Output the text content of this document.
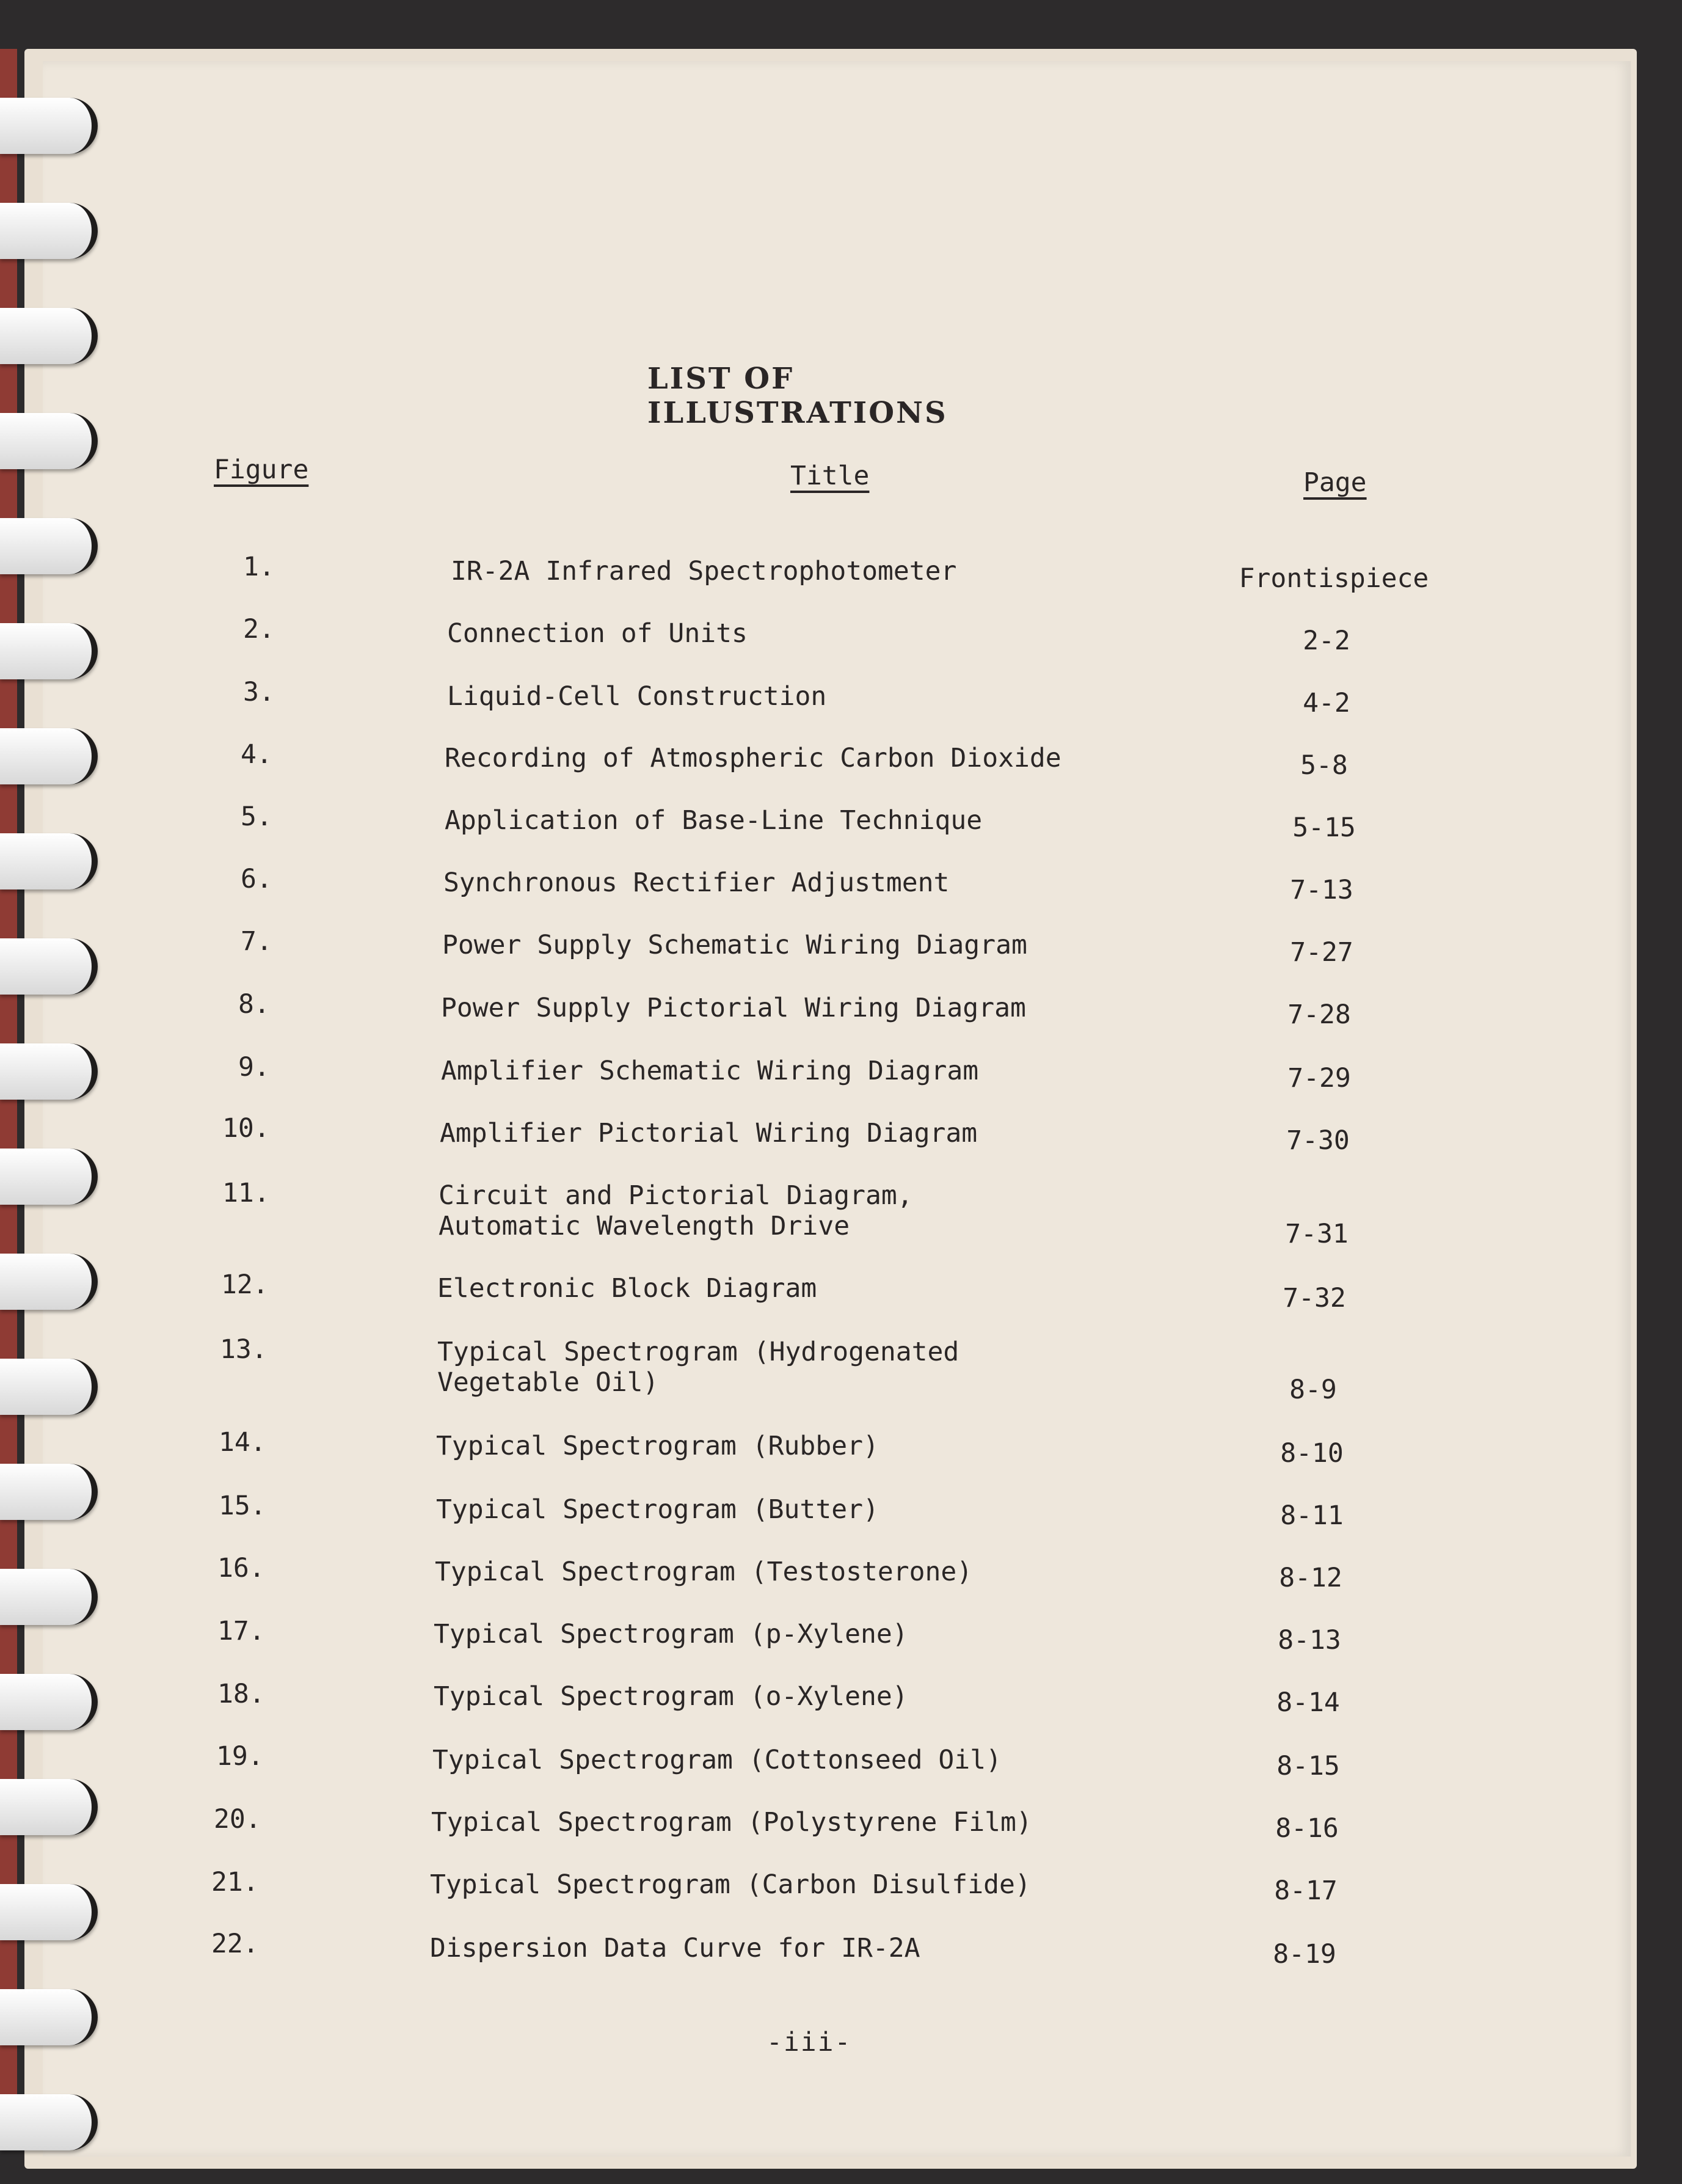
LIST OF ILLUSTRATIONS
Figure	Title	Page
1.	IR-2A Infrared Spectrophotometer	Frontispiece
2.	Connection of Units	2-2
3.	Liquid-Cell Construction	4-2
4.	Recording of Atmospheric Carbon Dioxide	5-8
5.	Application of Base-Line Technique	5-15
6.	Synchronous Rectifier Adjustment	7-13
7.	Power Supply Schematic Wiring Diagram	7-27
8.	Power Supply Pictorial Wiring Diagram	7-28
9.	Amplifier Schematic Wiring Diagram	7-29
10.	Amplifier Pictorial Wiring Diagram	7-30
11.	Circuit and Pictorial Diagram,
Automatic Wavelength Drive	7-31
12.	Electronic Block Diagram	7-32
13.	Typical Spectrogram (Hydrogenated
Vegetable Oil)	8-9
14.	Typical Spectrogram (Rubber)	8-10
15.	Typical Spectrogram (Butter)	8-11
16.	Typical Spectrogram (Testosterone)	8-12
17.	Typical Spectrogram (p-Xylene)	8-13
18.	Typical Spectrogram (o-Xylene)	8-14
19.	Typical Spectrogram (Cottonseed Oil)	8-15
20.	Typical Spectrogram (Polystyrene Film)	8-16
21.	Typical Spectrogram (Carbon Disulfide)	8-17
22.	Dispersion Data Curve for IR-2A	8-19
-iii-
